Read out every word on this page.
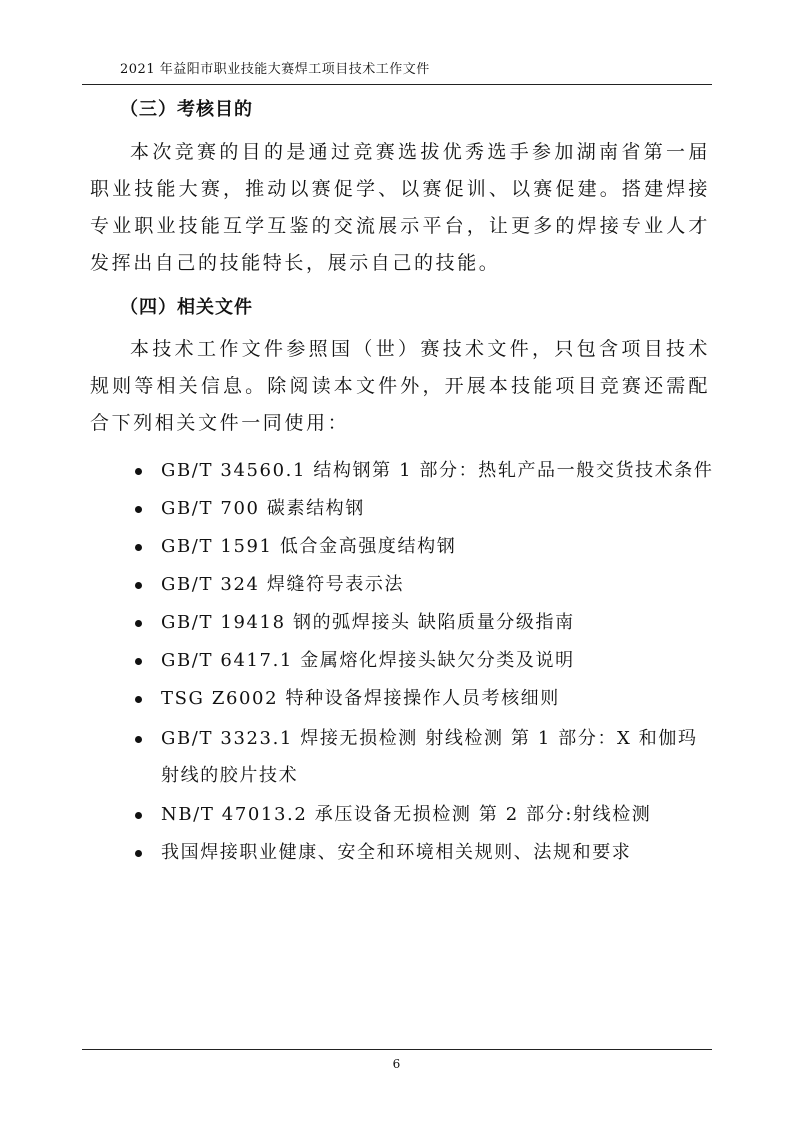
2021 年益阳市职业技能大赛焊工项目技术工作文件
（三）考核目的
本次竞赛的目的是通过竞赛选拔优秀选手参加湖南省第一届职业技能大赛，推动以赛促学、以赛促训、以赛促建。搭建焊接专业职业技能互学互鉴的交流展示平台，让更多的焊接专业人才发挥出自己的技能特长，展示自己的技能。
（四）相关文件
本技术工作文件参照国（世）赛技术文件，只包含项目技术规则等相关信息。除阅读本文件外，开展本技能项目竞赛还需配合下列相关文件一同使用：
GB/T 34560.1 结构钢第 1 部分：热轧产品一般交货技术条件
GB/T 700 碳素结构钢
GB/T 1591 低合金高强度结构钢
GB/T 324 焊缝符号表示法
GB/T 19418 钢的弧焊接头 缺陷质量分级指南
GB/T 6417.1 金属熔化焊接头缺欠分类及说明
TSG Z6002 特种设备焊接操作人员考核细则
GB/T 3323.1 焊接无损检测 射线检测 第 1 部分：X 和伽玛射线的胶片技术
NB/T 47013.2 承压设备无损检测 第 2 部分:射线检测
我国焊接职业健康、安全和环境相关规则、法规和要求
6
